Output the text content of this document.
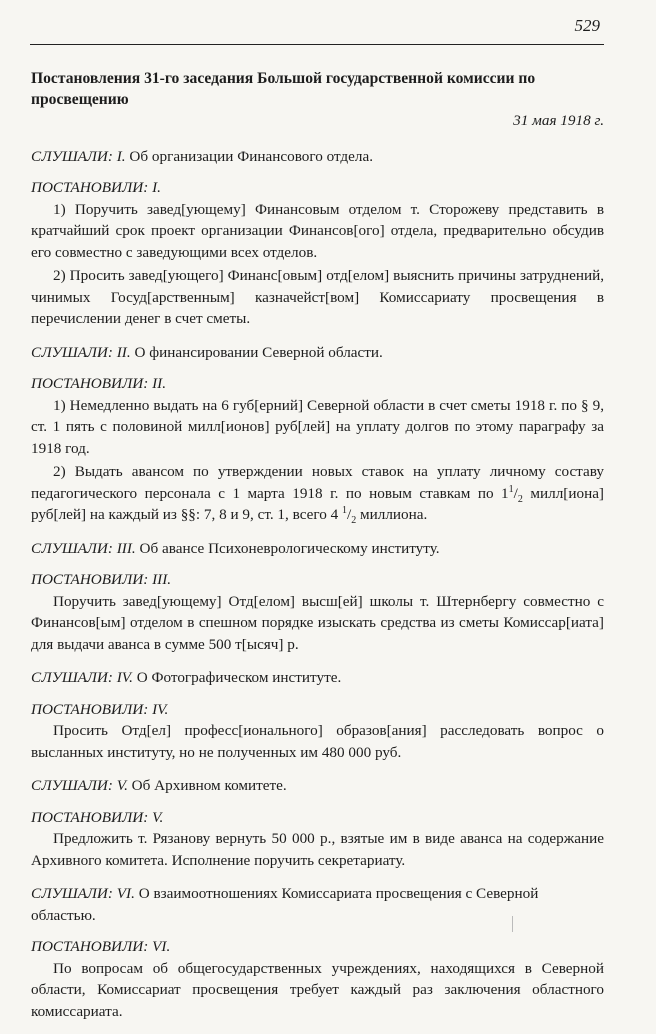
529

Постановления 31-го заседания Большой государственной комиссии по просвещению

31 мая 1918 г.

СЛУШАЛИ: I. Об организации Финансового отдела.

ПОСТАНОВИЛИ: I.

1) Поручить завед[ующему] Финансовым отделом т. Сторожеву представить в кратчайший срок проект организации Финансов[ого] отдела, предварительно обсудив его совместно с заведующими всех отделов.

2) Просить завед[ующего] Финанс[овым] отд[елом] выяснить причины затруднений, чинимых Госуд[арственным] казначейст[вом] Комиссариату просвещения в перечислении денег в счет сметы.

СЛУШАЛИ: II. О финансировании Северной области.

ПОСТАНОВИЛИ: II.

1) Немедленно выдать на 6 губ[ерний] Северной области в счет сметы 1918 г. по § 9, ст. 1 пять с половиной милл[ионов] руб[лей] на уплату долгов по этому параграфу за 1918 год.

2) Выдать авансом по утверждении новых ставок на уплату личному составу педагогического персонала с 1 марта 1918 г. по новым ставкам по $1^1/_2$ милл[иона] руб[лей] на каждый из §§: 7, 8 и 9, ст. 1, всего 4 $^1/_2$ миллиона.

СЛУШАЛИ: III. Об авансе Психоневрологическому институту.

ПОСТАНОВИЛИ: III.

Поручить завед[ующему] Отд[елом] высш[ей] школы т. Штернбергу совместно с Финансов[ым] отделом в спешном порядке изыскать средства из сметы Комиссар[иата] для выдачи аванса в сумме 500 т[ысяч] р.

СЛУШАЛИ: IV. О Фотографическом институте.

ПОСТАНОВИЛИ: IV.

Просить Отд[ел] професс[ионального] образов[ания] расследовать вопрос о высланных институту, но не полученных им 480 000 руб.

СЛУШАЛИ: V. Об Архивном комитете.

ПОСТАНОВИЛИ: V.

Предложить т. Рязанову вернуть 50 000 р., взятые им в виде аванса на содержание Архивного комитета. Исполнение поручить секретариату.

СЛУШАЛИ: VI. О взаимоотношениях Комиссариата просвещения с Северной областью.

ПОСТАНОВИЛИ: VI.

По вопросам об общегосударственных учреждениях, находящихся в Северной области, Комиссариат просвещения требует каждый раз заключения областного комиссариата.
